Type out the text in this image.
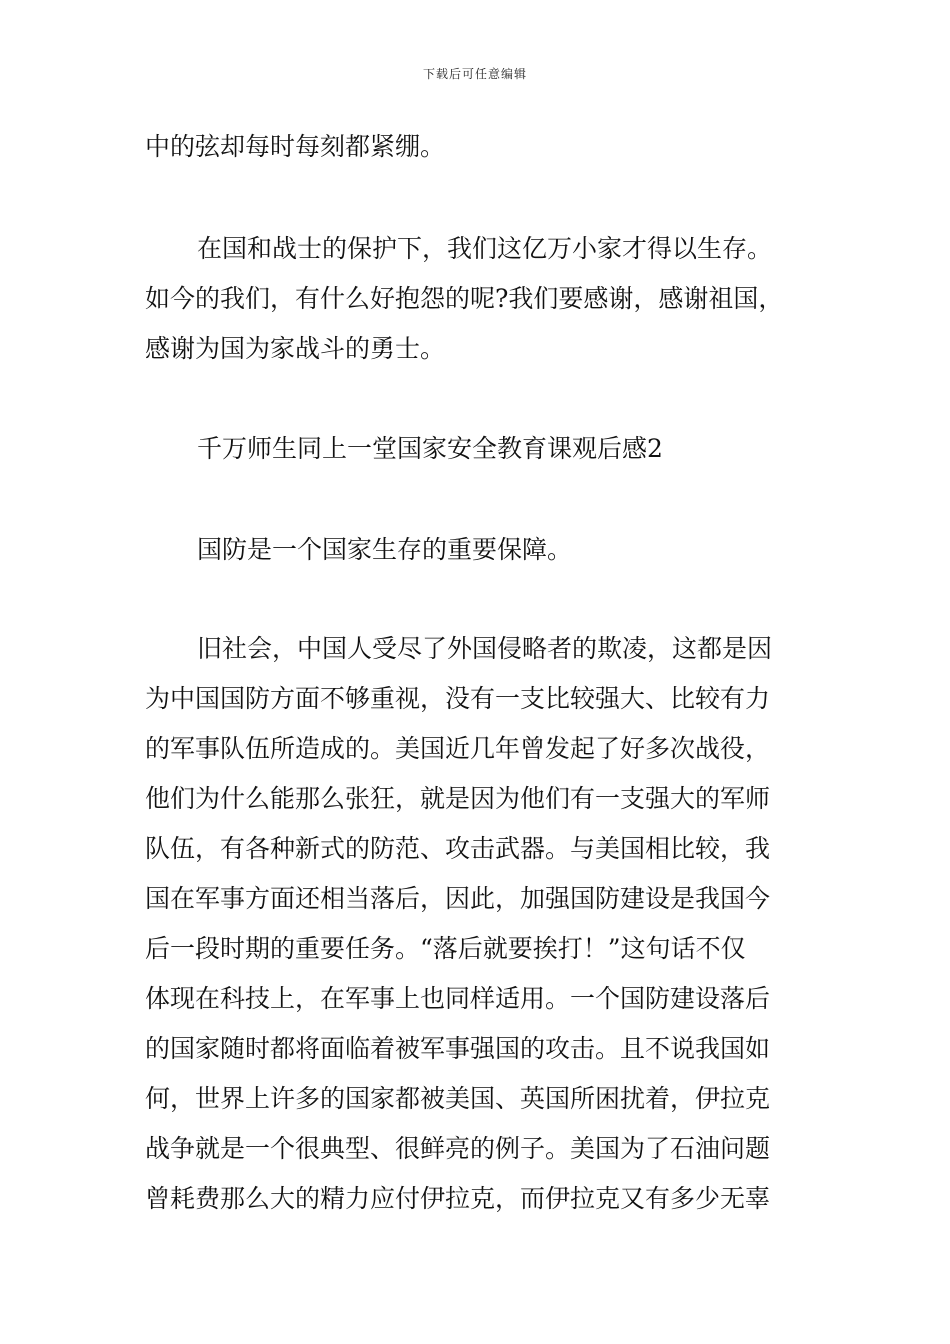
下载后可任意编辑
中的弦却每时每刻都紧绷。
在国和战士的保护下，我们这亿万小家才得以生存。
如今的我们，有什么好抱怨的呢?我们要感谢，感谢祖国，
感谢为国为家战斗的勇士。
千万师生同上一堂国家安全教育课观后感2
国防是一个国家生存的重要保障。
旧社会，中国人受尽了外国侵略者的欺凌，这都是因
为中国国防方面不够重视，没有一支比较强大、比较有力
的军事队伍所造成的。美国近几年曾发起了好多次战役，
他们为什么能那么张狂，就是因为他们有一支强大的军师
队伍，有各种新式的防范、攻击武器。与美国相比较，我
国在军事方面还相当落后，因此，加强国防建设是我国今
后一段时期的重要任务。“落后就要挨打！”这句话不仅
体现在科技上，在军事上也同样适用。一个国防建设落后
的国家随时都将面临着被军事强国的攻击。且不说我国如
何，世界上许多的国家都被美国、英国所困扰着，伊拉克
战争就是一个很典型、很鲜亮的例子。美国为了石油问题
曾耗费那么大的精力应付伊拉克，而伊拉克又有多少无辜
